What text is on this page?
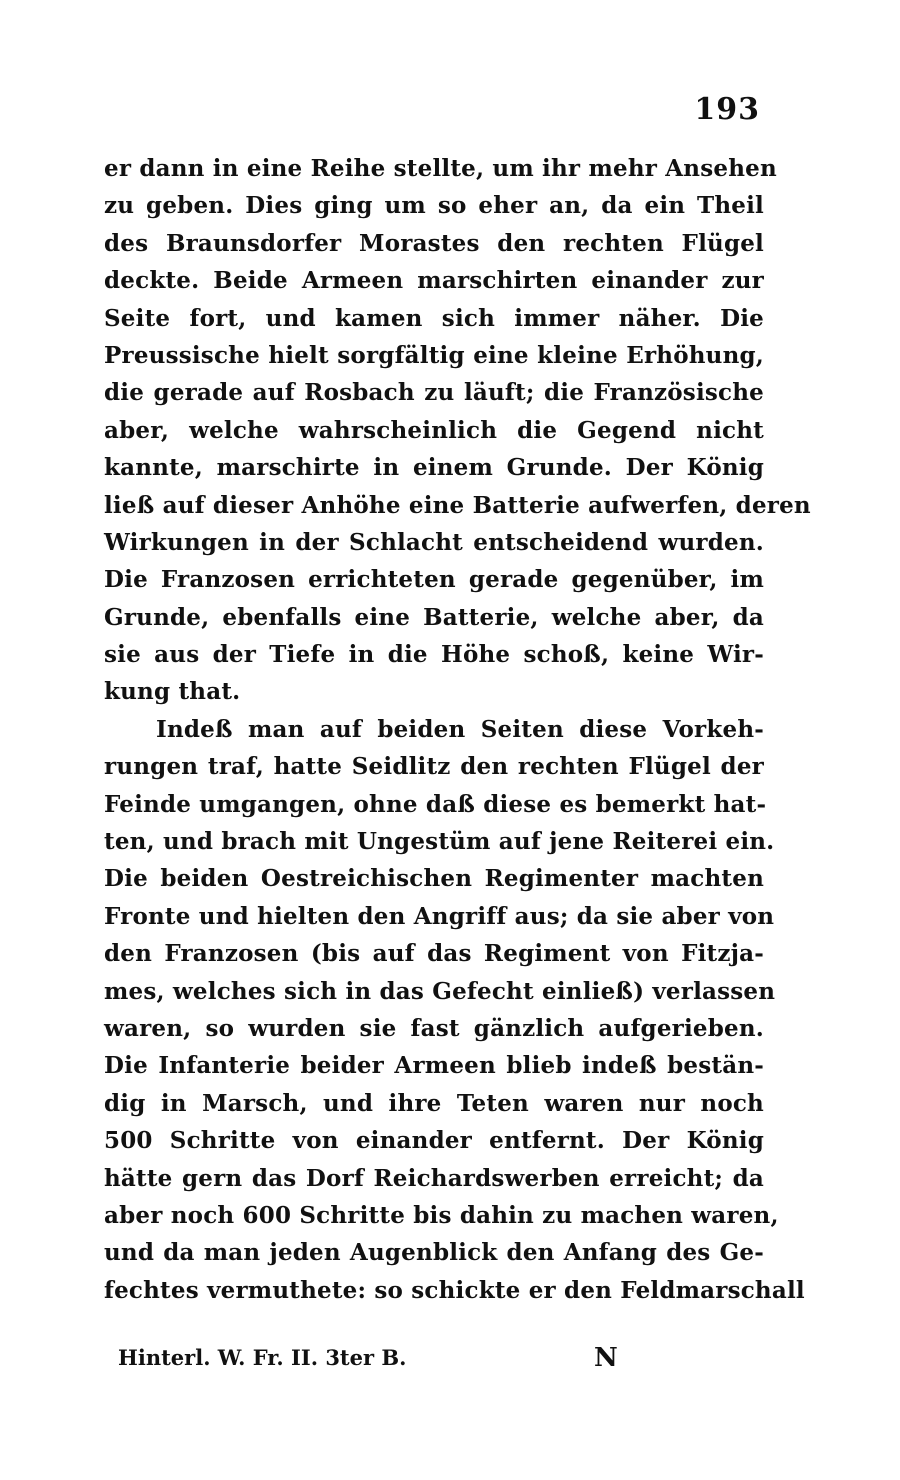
193
er dann in eine Reihe stellte, um ihr mehr Ansehen
zu geben. Dies ging um so eher an, da ein Theil
des Braunsdorfer Morastes den rechten Flügel
deckte. Beide Armeen marschirten einander zur
Seite fort, und kamen sich immer näher. Die
Preussische hielt sorgfältig eine kleine Erhöhung,
die gerade auf Rosbach zu läuft; die Französische
aber, welche wahrscheinlich die Gegend nicht
kannte, marschirte in einem Grunde. Der König
ließ auf dieser Anhöhe eine Batterie aufwerfen, deren
Wirkungen in der Schlacht entscheidend wurden.
Die Franzosen errichteten gerade gegenüber, im
Grunde, ebenfalls eine Batterie, welche aber, da
sie aus der Tiefe in die Höhe schoß, keine Wir-
kung that.
Indeß man auf beiden Seiten diese Vorkeh-
rungen traf, hatte Seidlitz den rechten Flügel der
Feinde umgangen, ohne daß diese es bemerkt hat-
ten, und brach mit Ungestüm auf jene Reiterei ein.
Die beiden Oestreichischen Regimenter machten
Fronte und hielten den Angriff aus; da sie aber von
den Franzosen (bis auf das Regiment von Fitzja-
mes, welches sich in das Gefecht einließ) verlassen
waren, so wurden sie fast gänzlich aufgerieben.
Die Infanterie beider Armeen blieb indeß bestän-
dig in Marsch, und ihre Teten waren nur noch
500 Schritte von einander entfernt. Der König
hätte gern das Dorf Reichardswerben erreicht; da
aber noch 600 Schritte bis dahin zu machen waren,
und da man jeden Augenblick den Anfang des Ge-
fechtes vermuthete: so schickte er den Feldmarschall
Hinterl. W. Fr. II. 3ter B.	N
